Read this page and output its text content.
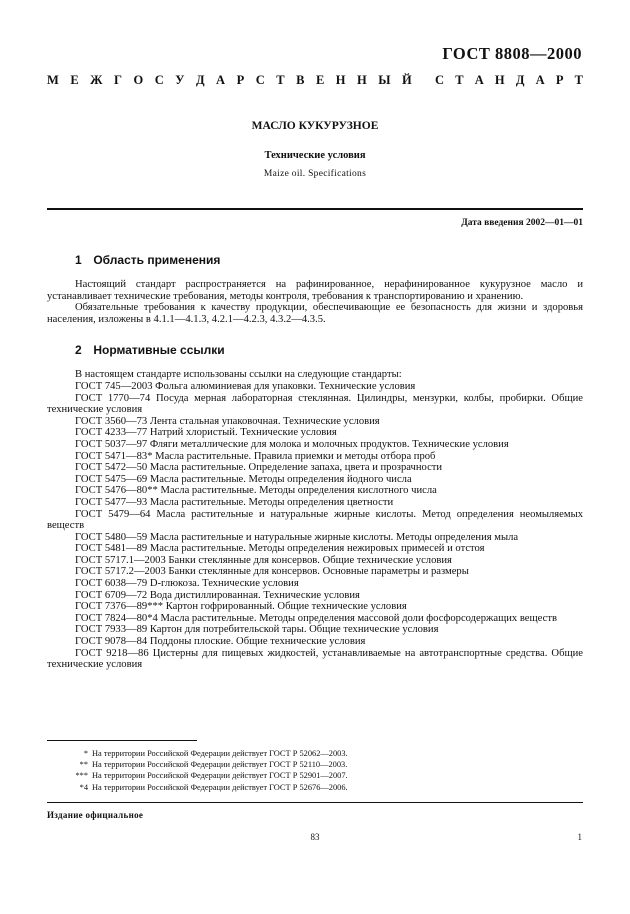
ГОСТ 8808—2000
М Е Ж Г О С У Д А Р С Т В Е Н Н Ы Й С Т А Н Д А Р Т
МАСЛО КУКУРУЗНОЕ
Технические условия
Maize oil. Specifications
Дата введения 2002—01—01
1 Область применения

Настоящий стандарт распространяется на рафинированное, нерафинированное кукурузное масло и устанавливает технические требования, методы контроля, требования к транспортированию и хранению.

Обязательные требования к качеству продукции, обеспечивающие ее безопасность для жизни и здоровья населения, изложены в 4.1.1—4.1.3, 4.2.1—4.2.3, 4.3.2—4.3.5.

2 Нормативные ссылки

В настоящем стандарте использованы ссылки на следующие стандарты:

ГОСТ 745—2003 Фольга алюминиевая для упаковки. Технические условия

ГОСТ 1770—74 Посуда мерная лабораторная стеклянная. Цилиндры, мензурки, колбы, пробирки. Общие технические условия

ГОСТ 3560—73 Лента стальная упаковочная. Технические условия

ГОСТ 4233—77 Натрий хлористый. Технические условия

ГОСТ 5037—97 Фляги металлические для молока и молочных продуктов. Технические условия

ГОСТ 5471—83* Масла растительные. Правила приемки и методы отбора проб

ГОСТ 5472—50 Масла растительные. Определение запаха, цвета и прозрачности

ГОСТ 5475—69 Масла растительные. Методы определения йодного числа

ГОСТ 5476—80** Масла растительные. Методы определения кислотного числа

ГОСТ 5477—93 Масла растительные. Методы определения цветности

ГОСТ 5479—64 Масла растительные и натуральные жирные кислоты. Метод определения неомыляемых веществ

ГОСТ 5480—59 Масла растительные и натуральные жирные кислоты. Методы определения мыла

ГОСТ 5481—89 Масла растительные. Методы определения нежировых примесей и отстоя

ГОСТ 5717.1—2003 Банки стеклянные для консервов. Общие технические условия

ГОСТ 5717.2—2003 Банки стеклянные для консервов. Основные параметры и размеры

ГОСТ 6038—79 D-глюкоза. Технические условия

ГОСТ 6709—72 Вода дистиллированная. Технические условия

ГОСТ 7376—89*** Картон гофрированный. Общие технические условия

ГОСТ 7824—80*4 Масла растительные. Методы определения массовой доли фосфорсодержащих веществ

ГОСТ 7933—89 Картон для потребительской тары. Общие технические условия

ГОСТ 9078—84 Поддоны плоские. Общие технические условия

ГОСТ 9218—86 Цистерны для пищевых жидкостей, устанавливаемые на автотранспортные средства. Общие технические условия

* На территории Российской Федерации действует ГОСТ Р 52062—2003.
** На территории Российской Федерации действует ГОСТ Р 52110—2003.
*** На территории Российской Федерации действует ГОСТ Р 52901—2007.
*4 На территории Российской Федерации действует ГОСТ Р 52676—2006.
Издание официальное
83	1
